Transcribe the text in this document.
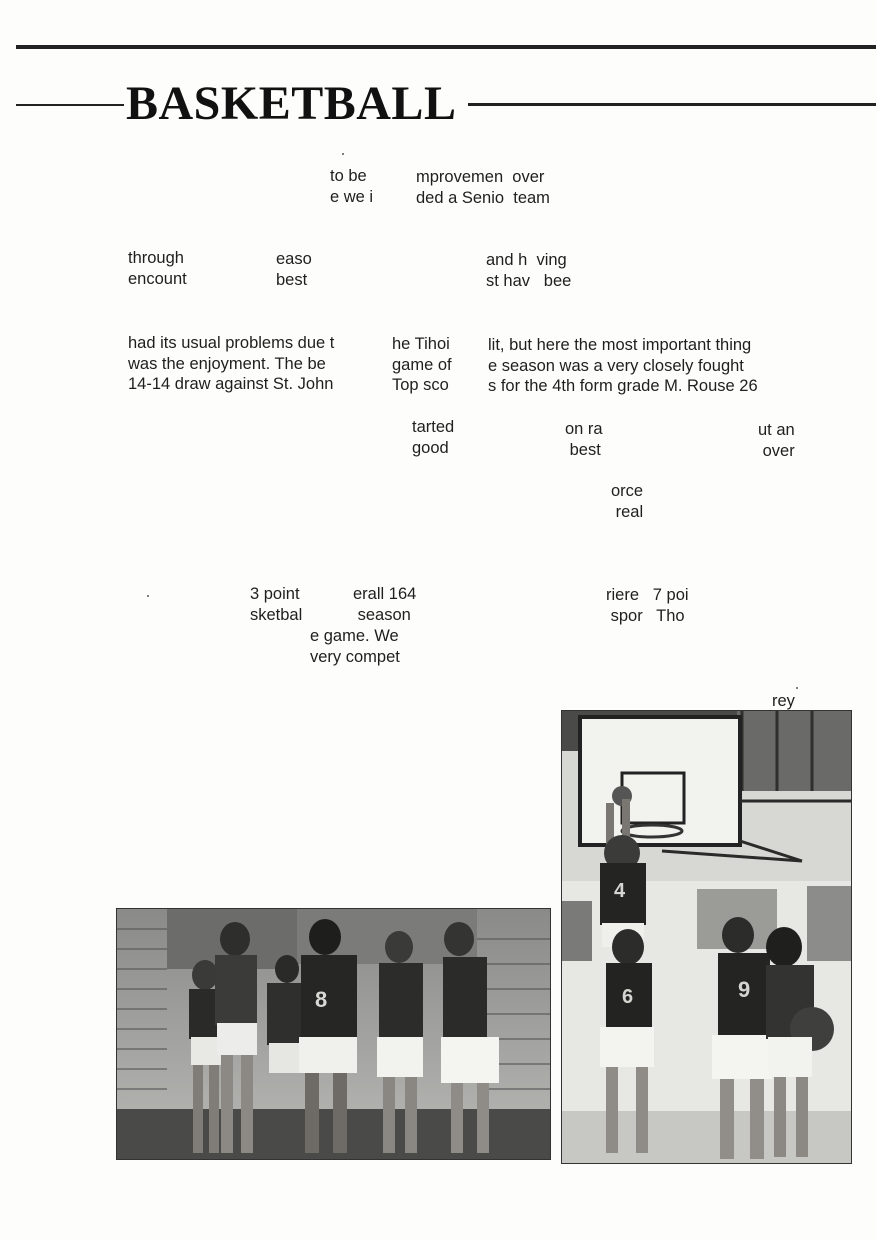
BASKETBALL
to be
e we i
mprovemen  over
ded a Senio  team
through
encount
easo
best
and h  ving
st hav   bee
had its usual problems due t
was the enjoyment. The be
14-14 draw against St. John
he Tihoi
game of
Top sco
lit, but here the most important thing
e season was a very closely fought
s for the 4th form grade M. Rouse 26
tarted
good
on ra
best
ut an
over
orce
real
3 point
sketbal
erall 164
season
e game. We
very compet
riere   7 poi
spor   Tho
rey
8
4
6	9
